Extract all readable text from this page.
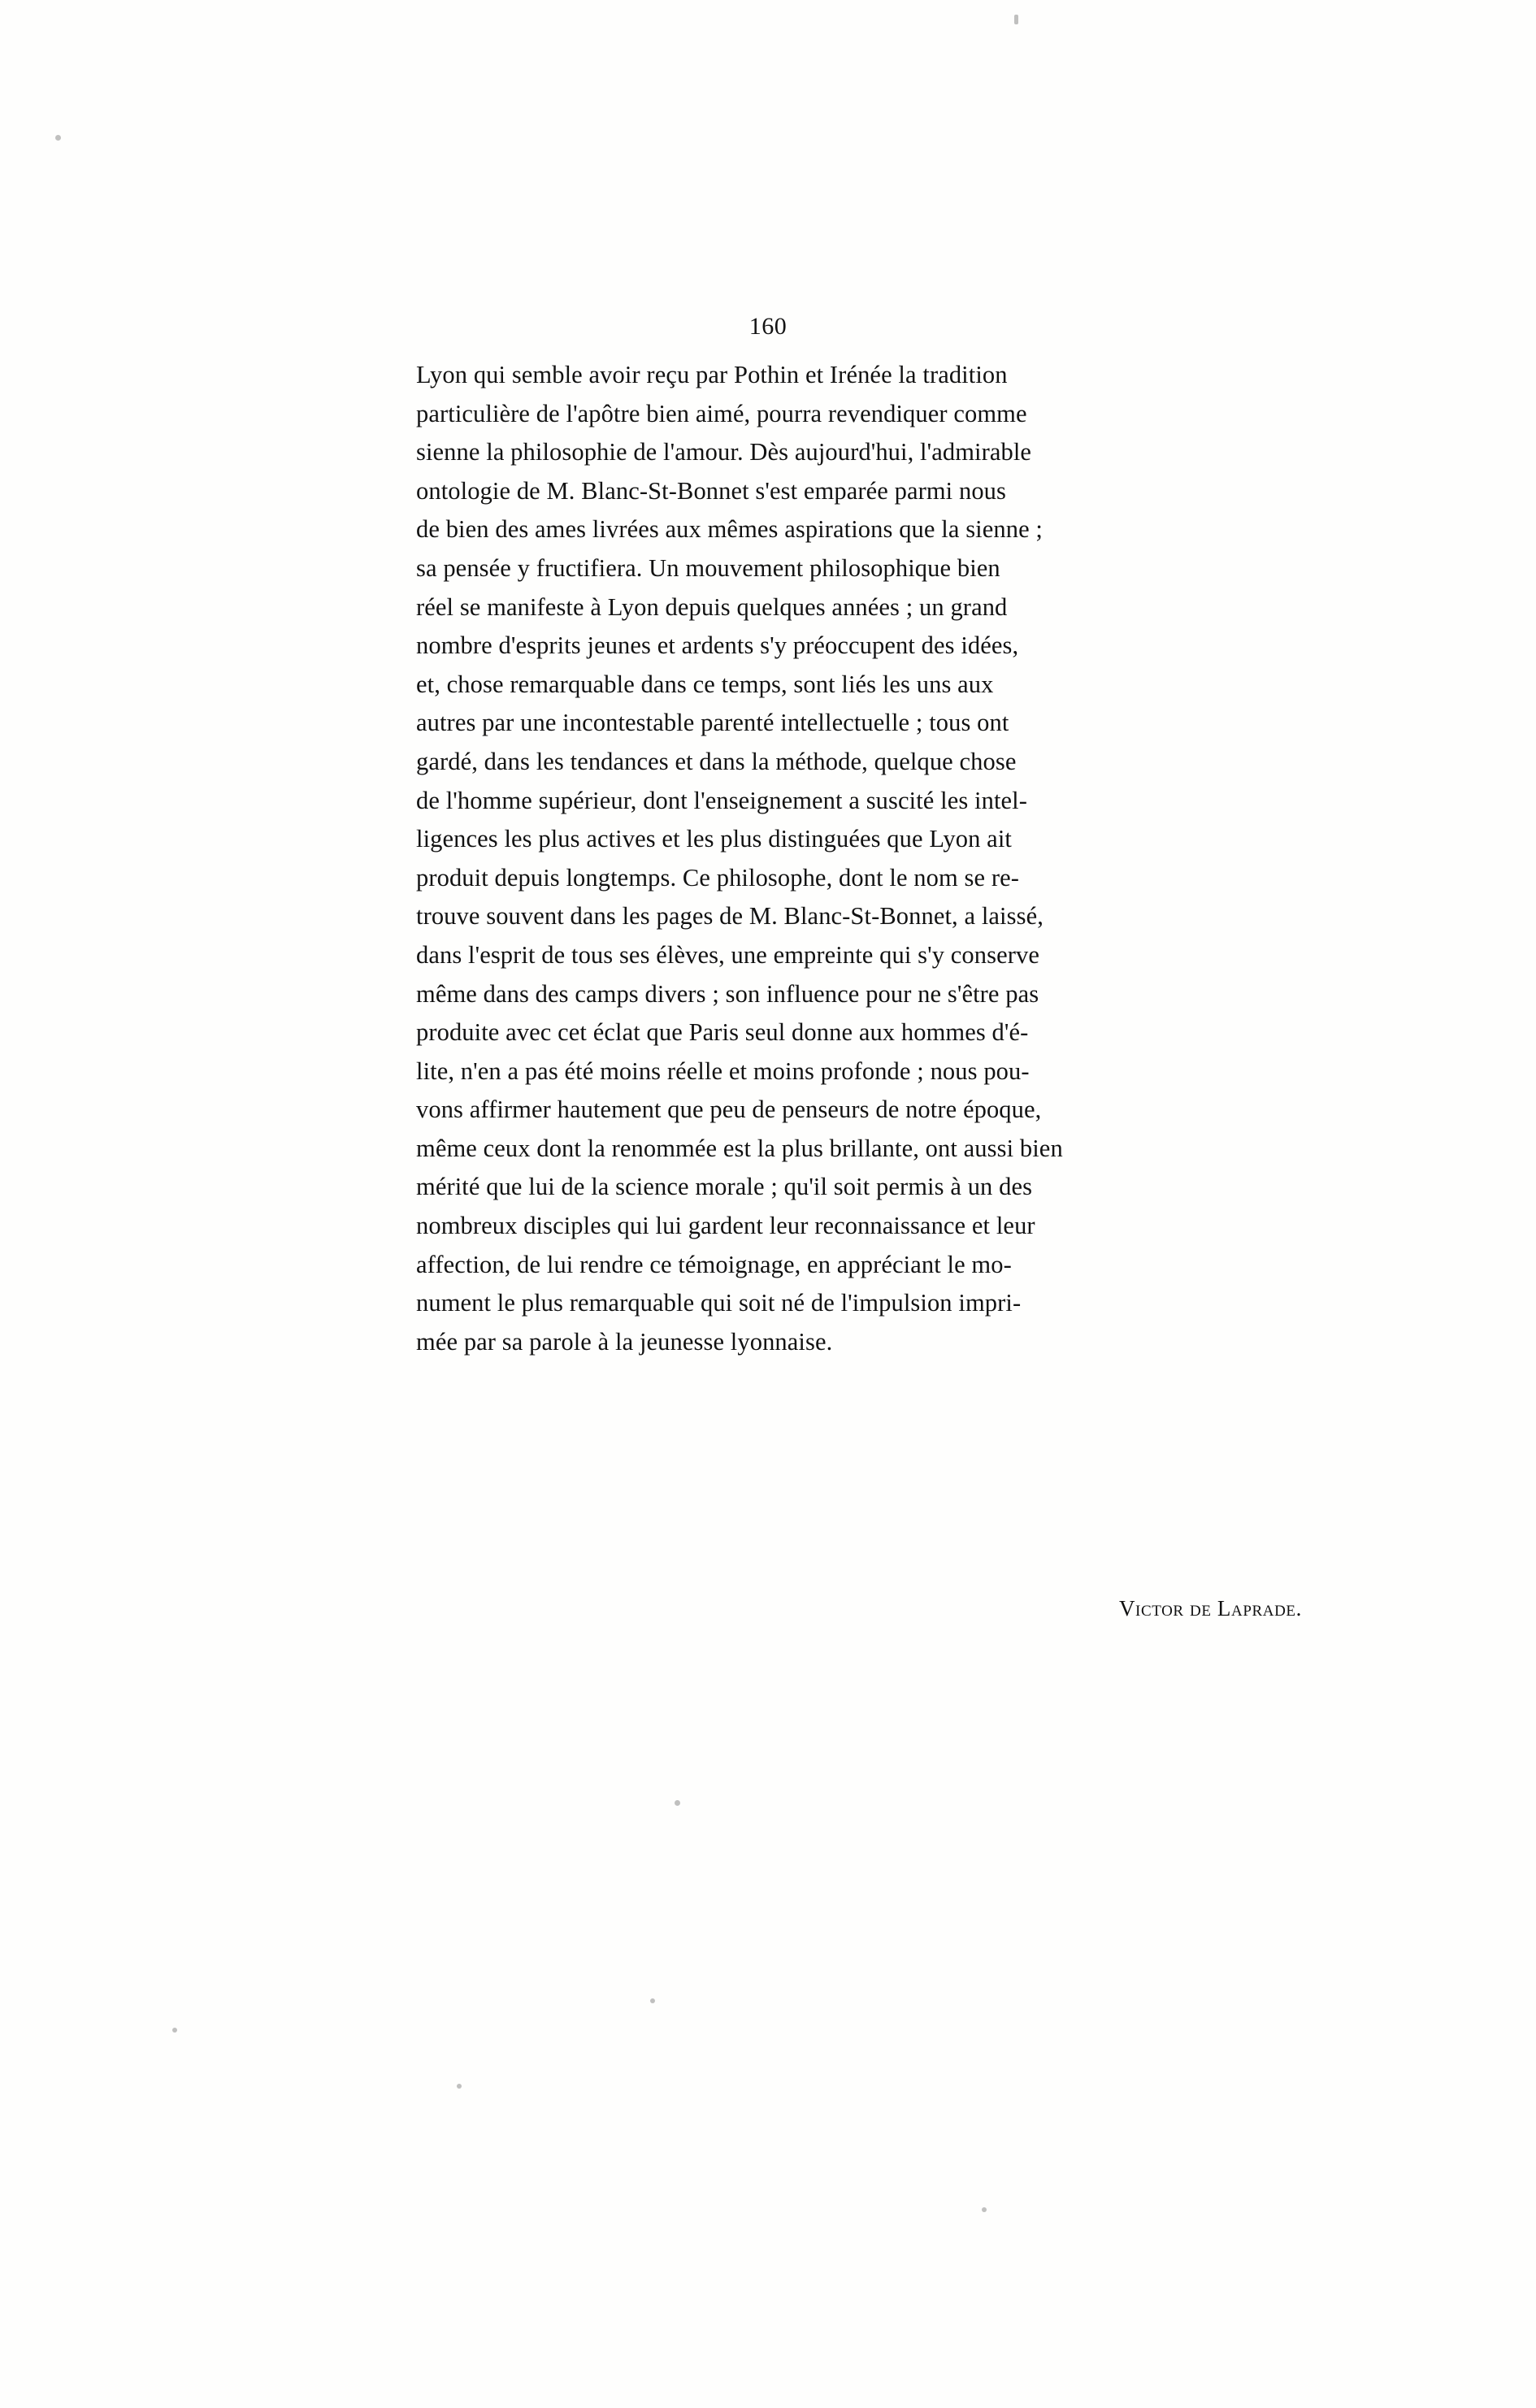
160
Lyon qui semble avoir reçu par Pothin et Irénée la tradition
particulière de l'apôtre bien aimé, pourra revendiquer comme
sienne la philosophie de l'amour. Dès aujourd'hui, l'admirable
ontologie de M. Blanc-St-Bonnet s'est emparée parmi nous
de bien des ames livrées aux mêmes aspirations que la sienne ;
sa pensée y fructifiera. Un mouvement philosophique bien
réel se manifeste à Lyon depuis quelques années ; un grand
nombre d'esprits jeunes et ardents s'y préoccupent des idées,
et, chose remarquable dans ce temps, sont liés les uns aux
autres par une incontestable parenté intellectuelle ; tous ont
gardé, dans les tendances et dans la méthode, quelque chose
de l'homme supérieur, dont l'enseignement a suscité les intel-
ligences les plus actives et les plus distinguées que Lyon ait
produit depuis longtemps. Ce philosophe, dont le nom se re-
trouve souvent dans les pages de M. Blanc-St-Bonnet, a laissé,
dans l'esprit de tous ses élèves, une empreinte qui s'y conserve
même dans des camps divers ; son influence pour ne s'être pas
produite avec cet éclat que Paris seul donne aux hommes d'é-
lite, n'en a pas été moins réelle et moins profonde ; nous pou-
vons affirmer hautement que peu de penseurs de notre époque,
même ceux dont la renommée est la plus brillante, ont aussi bien
mérité que lui de la science morale ; qu'il soit permis à un des
nombreux disciples qui lui gardent leur reconnaissance et leur
affection, de lui rendre ce témoignage, en appréciant le mo-
nument le plus remarquable qui soit né de l'impulsion impri-
mée par sa parole à la jeunesse lyonnaise.
Victor de Laprade.
